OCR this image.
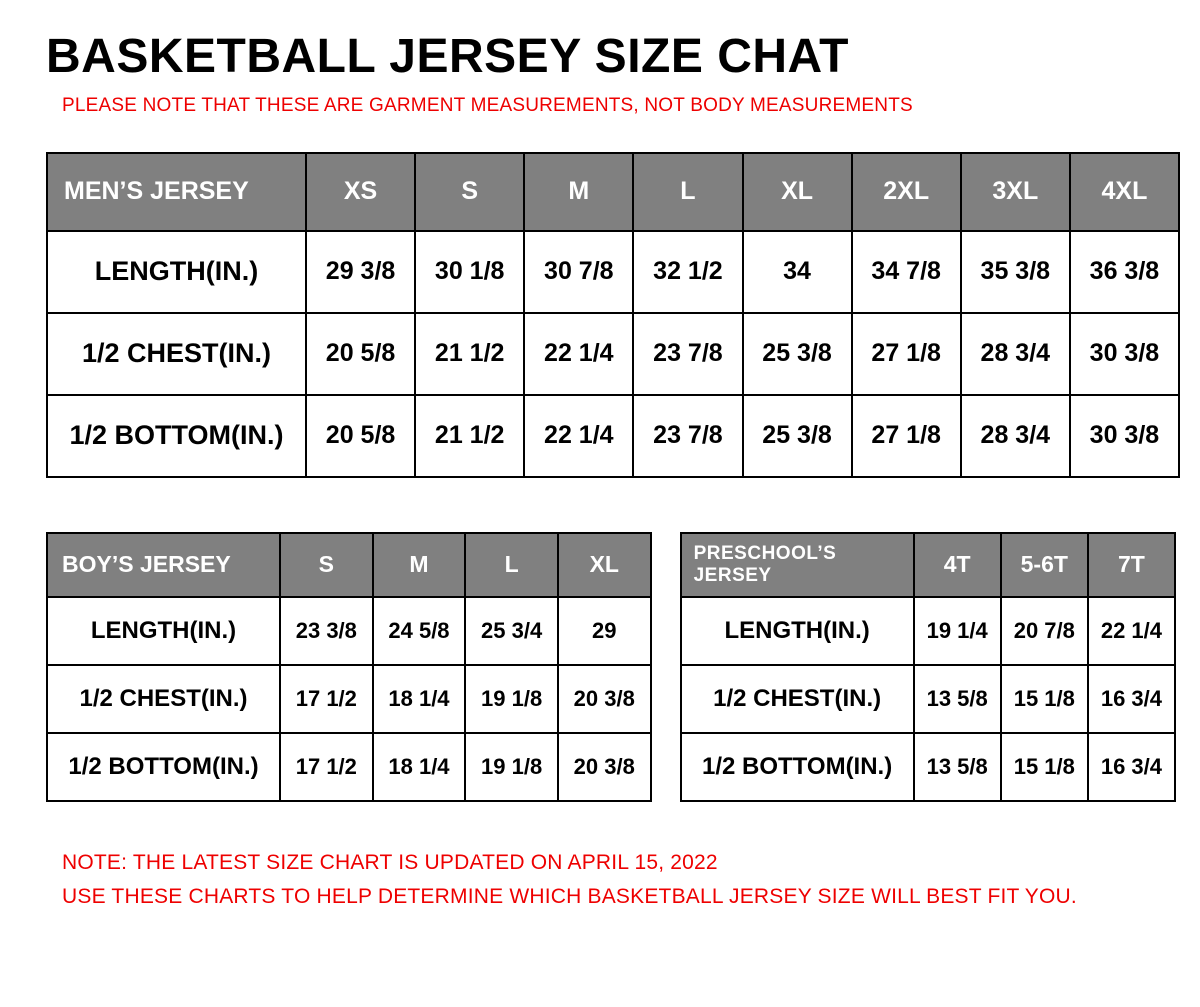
BASKETBALL JERSEY SIZE CHAT

PLEASE NOTE THAT THESE ARE GARMENT MEASUREMENTS, NOT BODY MEASUREMENTS

MEN’S JERSEY	XS	S	M	L	XL	2XL	3XL	4XL
LENGTH(IN.)	29 3/8	30 1/8	30 7/8	32 1/2	34	34 7/8	35 3/8	36 3/8
1/2 CHEST(IN.)	20 5/8	21 1/2	22 1/4	23 7/8	25 3/8	27 1/8	28 3/4	30 3/8
1/2 BOTTOM(IN.)	20 5/8	21 1/2	22 1/4	23 7/8	25 3/8	27 1/8	28 3/4	30 3/8
BOY’S JERSEY	S	M	L	XL
LENGTH(IN.)	23 3/8	24 5/8	25 3/4	29
1/2 CHEST(IN.)	17 1/2	18 1/4	19 1/8	20 3/8
1/2 BOTTOM(IN.)	17 1/2	18 1/4	19 1/8	20 3/8
PRESCHOOL’S JERSEY	4T	5-6T	7T
LENGTH(IN.)	19 1/4	20 7/8	22 1/4
1/2 CHEST(IN.)	13 5/8	15 1/8	16 3/4
1/2 BOTTOM(IN.)	13 5/8	15 1/8	16 3/4
NOTE: THE LATEST SIZE CHART IS UPDATED ON APRIL 15, 2022
USE THESE CHARTS TO HELP DETERMINE WHICH BASKETBALL JERSEY SIZE WILL BEST FIT YOU.
